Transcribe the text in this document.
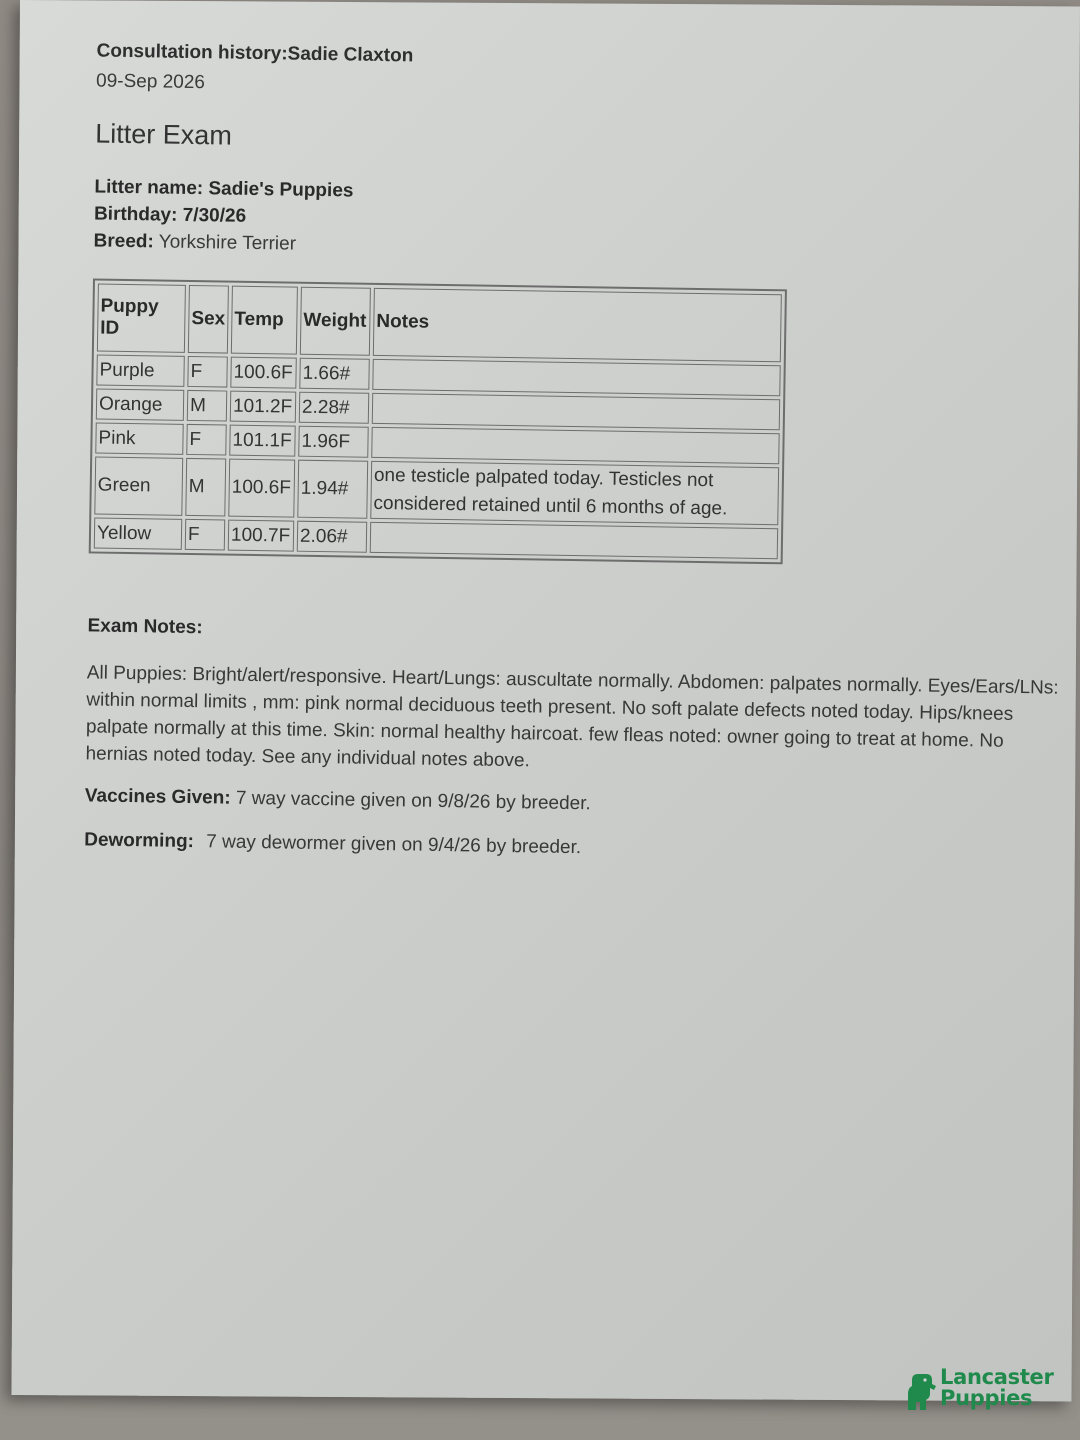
Consultation history:Sadie Claxton

09-Sep 2026

Litter Exam
Litter name: Sadie's Puppies
Birthday: 7/30/26
Breed: Yorkshire Terrier
Puppy ID	Sex	Temp	Weight	Notes
Purple	F	100.6F	1.66#	
Orange	M	101.2F	2.28#	
Pink	F	101.1F	1.96F	
Green	M	100.6F	1.94#	one testicle palpated today. Testicles not considered retained until 6 months of age.
Yellow	F	100.7F	2.06#	
Exam Notes:
All Puppies: Bright/alert/responsive. Heart/Lungs: auscultate normally. Abdomen: palpates normally. Eyes/Ears/LNs: within normal limits , mm: pink normal deciduous teeth present. No soft palate defects noted today. Hips/knees palpate normally at this time. Skin: normal healthy haircoat. few fleas noted: owner going to treat at home. No hernias noted today. See any individual notes above.
Vaccines Given: 7 way vaccine given on 9/8/26 by breeder.
Deworming: 7 way dewormer given on 9/4/26 by breeder.
Lancaster
Puppies
